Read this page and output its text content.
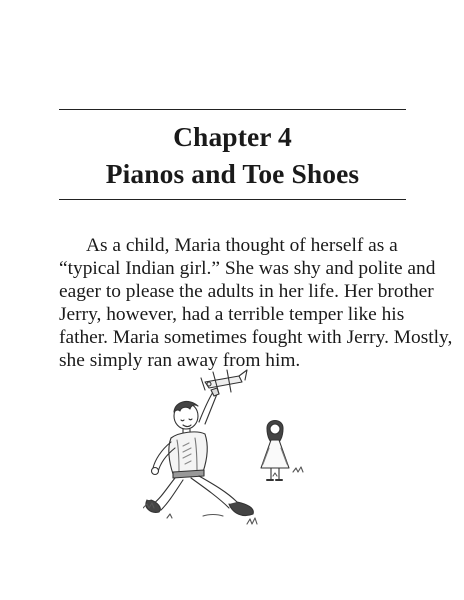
Chapter 4
Pianos and Toe Shoes
As a child, Maria thought of herself as a
“typical Indian girl.” She was shy and polite and
eager to please the adults in her life. Her brother
Jerry, however, had a terrible temper like his
father. Maria sometimes fought with Jerry. Mostly,
she simply ran away from him.
